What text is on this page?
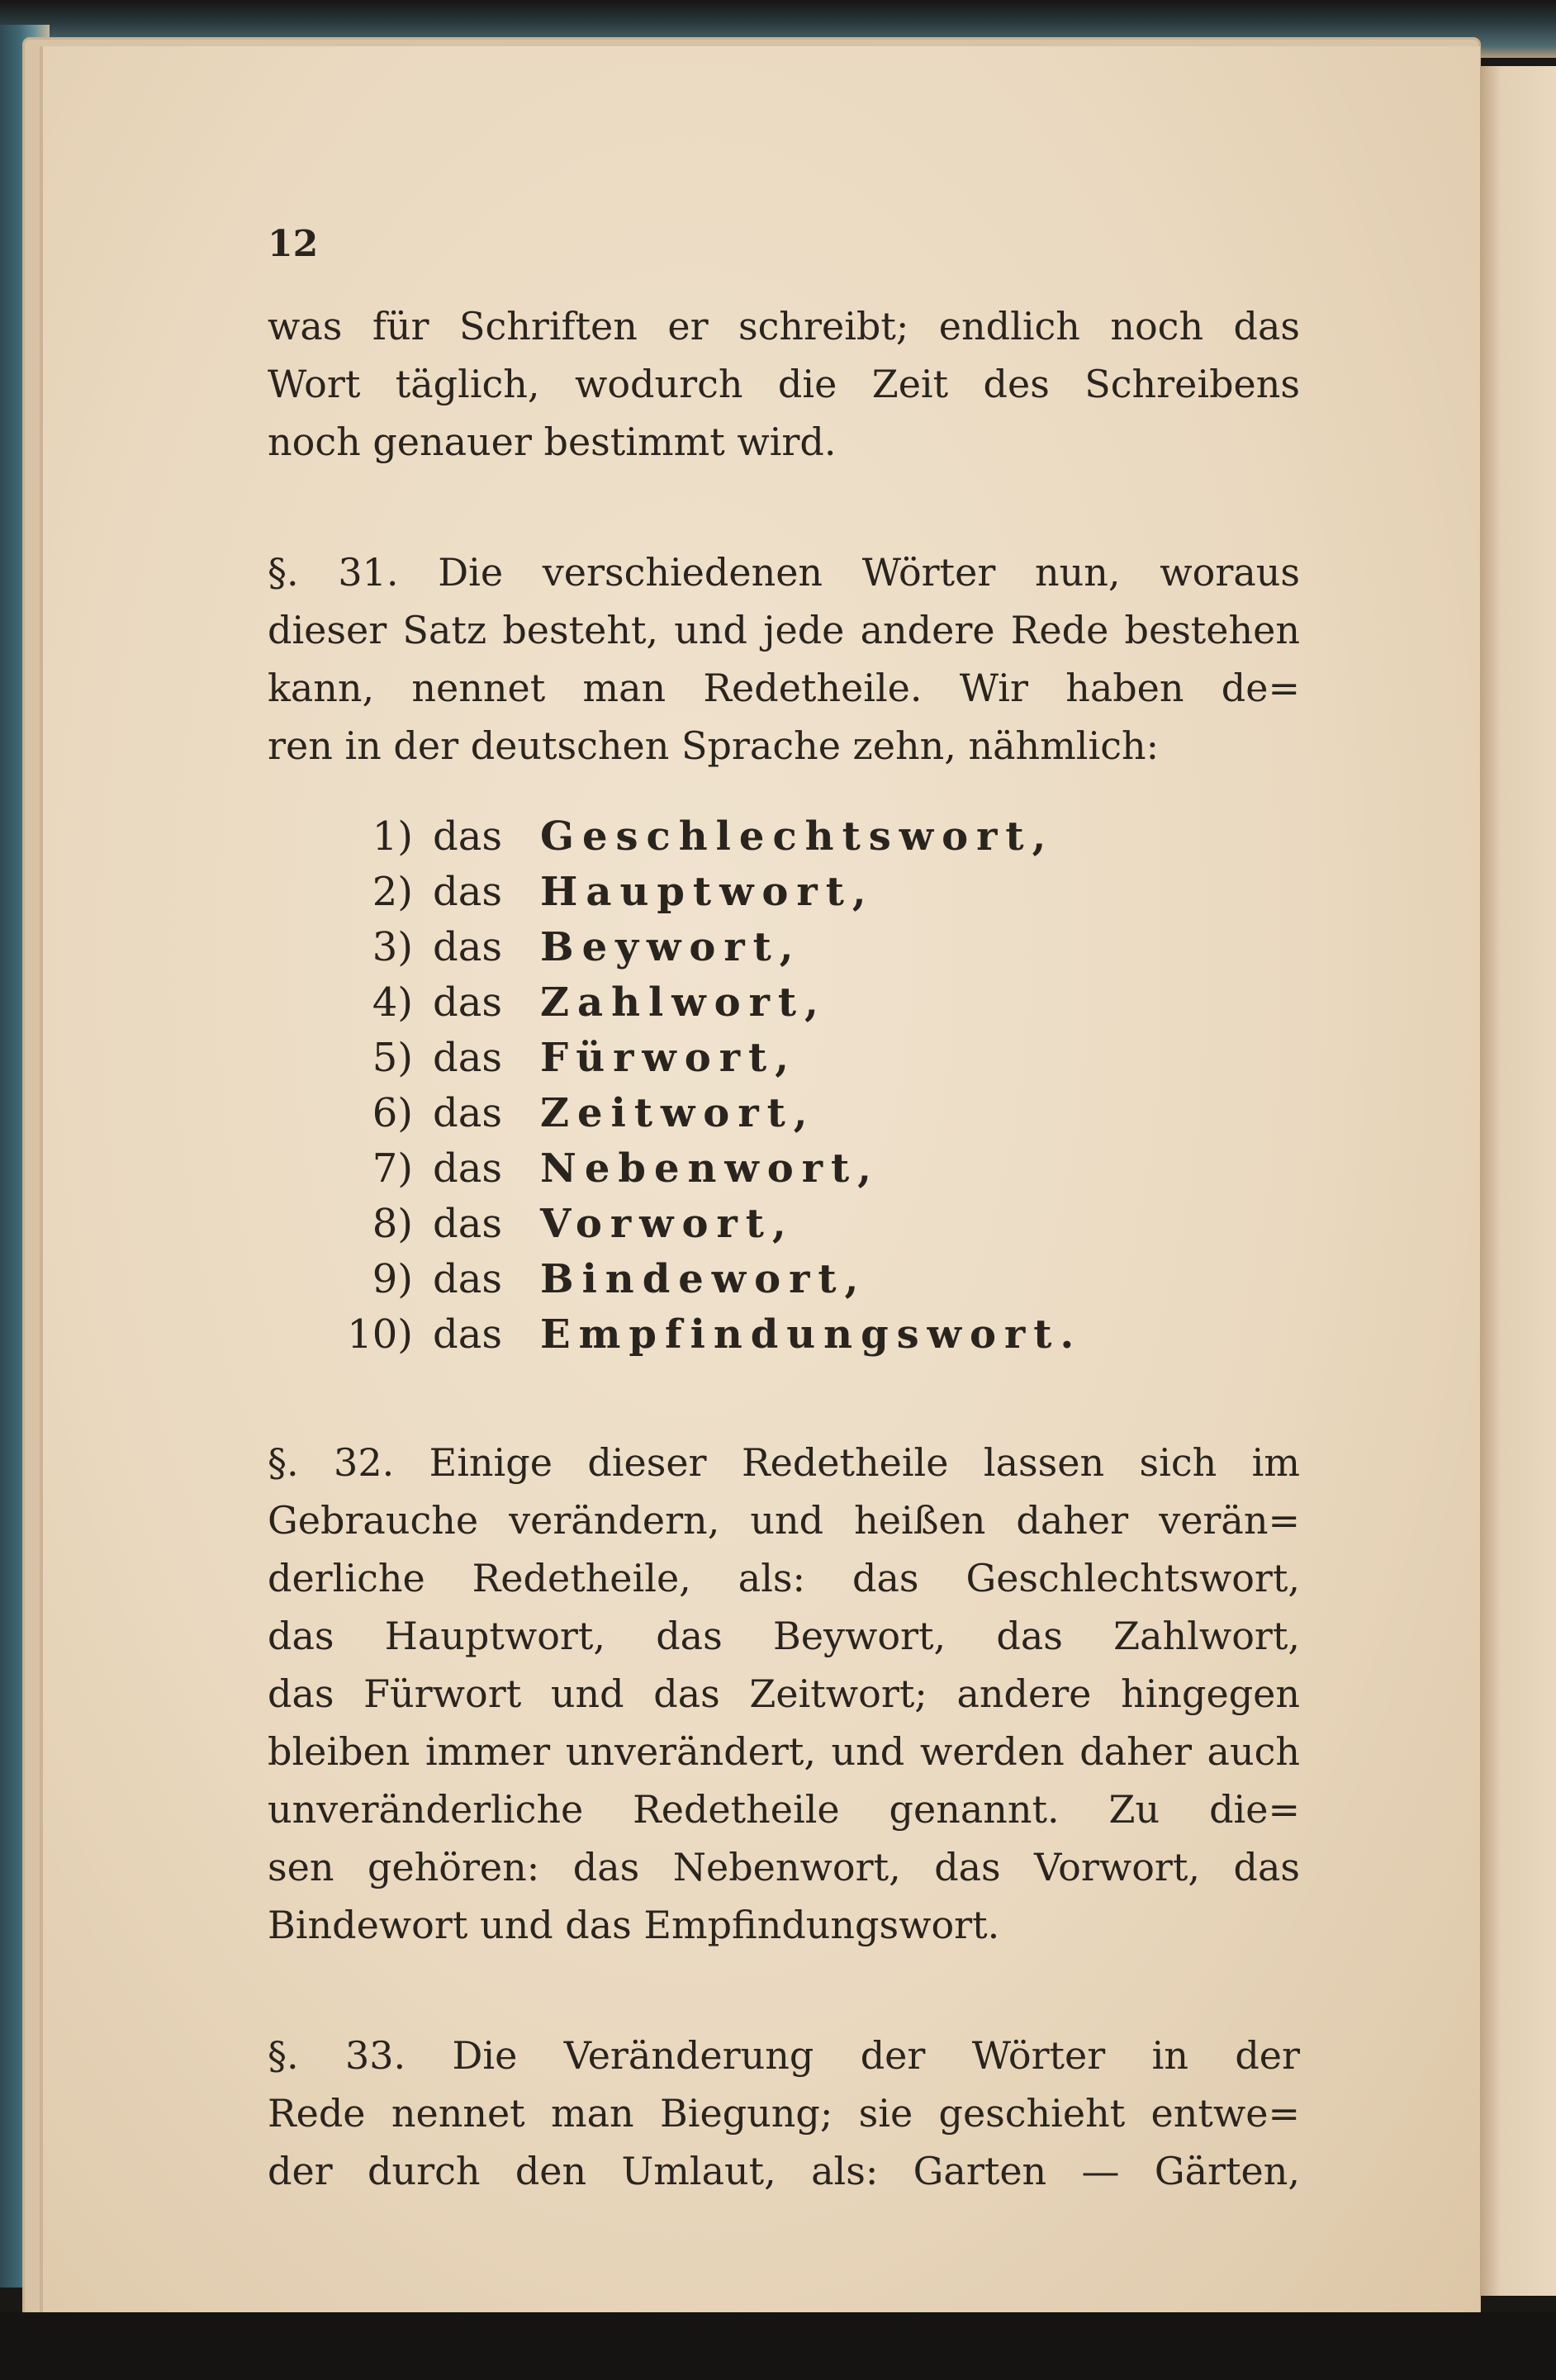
12
was für Schriften er schreibt; endlich noch das
Wort täglich, wodurch die Zeit des Schreibens
noch genauer bestimmt wird.
§. 31. Die verschiedenen Wörter nun, woraus
dieser Satz besteht, und jede andere Rede bestehen
kann, nennet man Redetheile. Wir haben de=
ren in der deutschen Sprache zehn, nähmlich:
1) das Geschlechtswort,
2) das Hauptwort,
3) das Beywort,
4) das Zahlwort,
5) das Fürwort,
6) das Zeitwort,
7) das Nebenwort,
8) das Vorwort,
9) das Bindewort,
10) das Empfindungswort.
§. 32. Einige dieser Redetheile lassen sich im
Gebrauche verändern, und heißen daher verän=
derliche Redetheile, als: das Geschlechtswort,
das Hauptwort, das Beywort, das Zahlwort,
das Fürwort und das Zeitwort; andere hingegen
bleiben immer unverändert, und werden daher auch
unveränderliche Redetheile genannt. Zu die=
sen gehören: das Nebenwort, das Vorwort, das
Bindewort und das Empfindungswort.
§. 33. Die Veränderung der Wörter in der
Rede nennet man Biegung; sie geschieht entwe=
der durch den Umlaut, als: Garten — Gärten,
